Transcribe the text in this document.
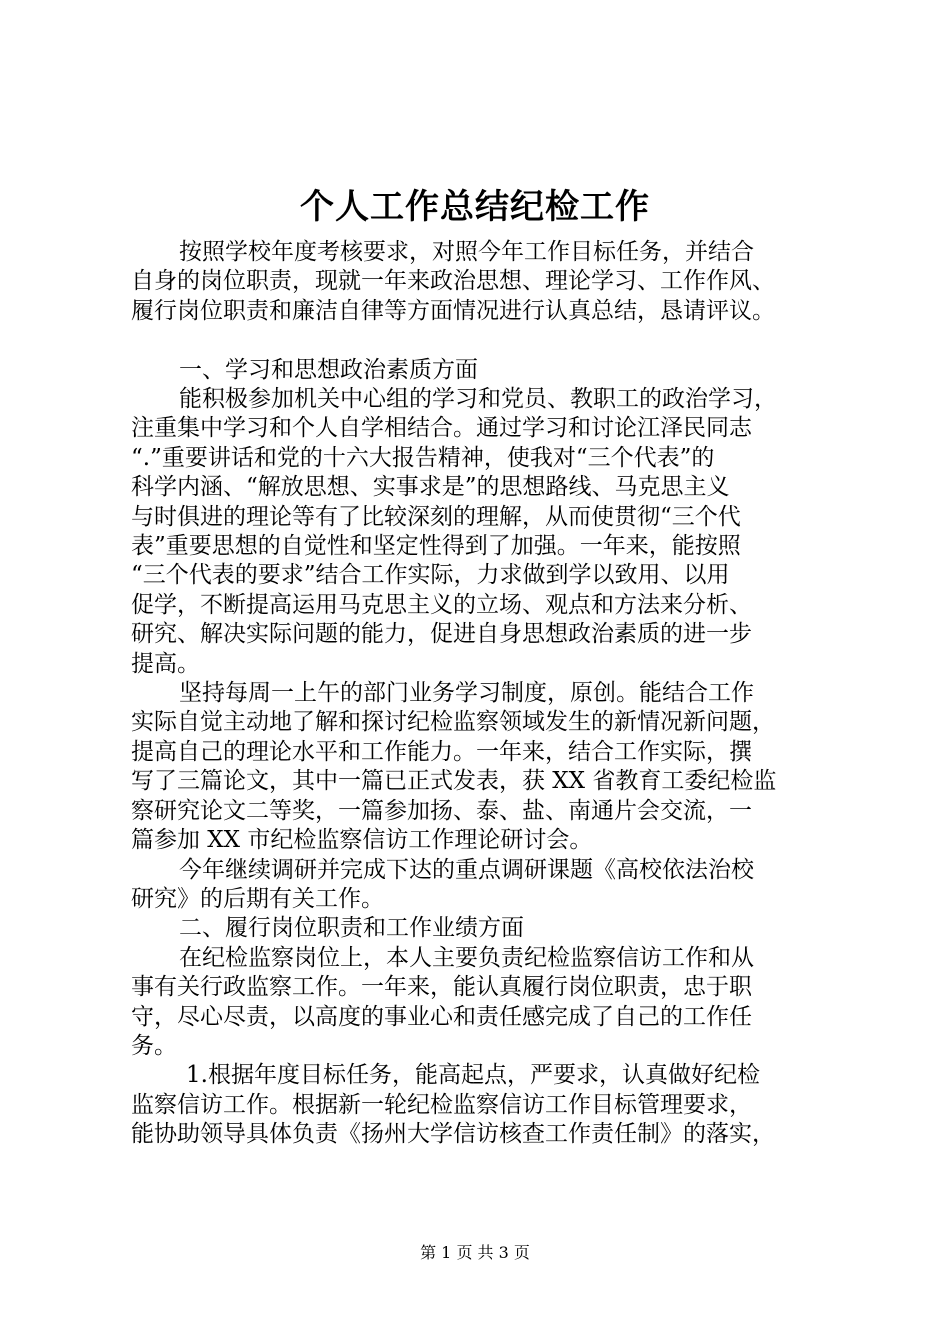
个人工作总结纪检工作

按照学校年度考核要求，对照今年工作目标任务，并结合
自身的岗位职责，现就一年来政治思想、理论学习、工作作风、
履行岗位职责和廉洁自律等方面情况进行认真总结，恳请评议。

一、学习和思想政治素质方面

能积极参加机关中心组的学习和党员、教职工的政治学习，
注重集中学习和个人自学相结合。通过学习和讨论江泽民同志
“.”重要讲话和党的十六大报告精神，使我对“三个代表”的
科学内涵、“解放思想、实事求是”的思想路线、马克思主义
与时俱进的理论等有了比较深刻的理解，从而使贯彻“三个代
表”重要思想的自觉性和坚定性得到了加强。一年来，能按照
“三个代表的要求”结合工作实际，力求做到学以致用、以用
促学，不断提高运用马克思主义的立场、观点和方法来分析、
研究、解决实际问题的能力，促进自身思想政治素质的进一步
提高。

坚持每周一上午的部门业务学习制度，原创。能结合工作
实际自觉主动地了解和探讨纪检监察领域发生的新情况新问题，
提高自己的理论水平和工作能力。一年来，结合工作实际，撰
写了三篇论文，其中一篇已正式发表，获 XX 省教育工委纪检监
察研究论文二等奖，一篇参加扬、泰、盐、南通片会交流，一
篇参加 XX 市纪检监察信访工作理论研讨会。

今年继续调研并完成下达的重点调研课题《高校依法治校
研究》的后期有关工作。

二、履行岗位职责和工作业绩方面

在纪检监察岗位上，本人主要负责纪检监察信访工作和从
事有关行政监察工作。一年来，能认真履行岗位职责，忠于职
守，尽心尽责，以高度的事业心和责任感完成了自己的工作任
务。

1.根据年度目标任务，能高起点，严要求，认真做好纪检
监察信访工作。根据新一轮纪检监察信访工作目标管理要求，
能协助领导具体负责《扬州大学信访核查工作责任制》的落实，

第 1 页 共 3 页
